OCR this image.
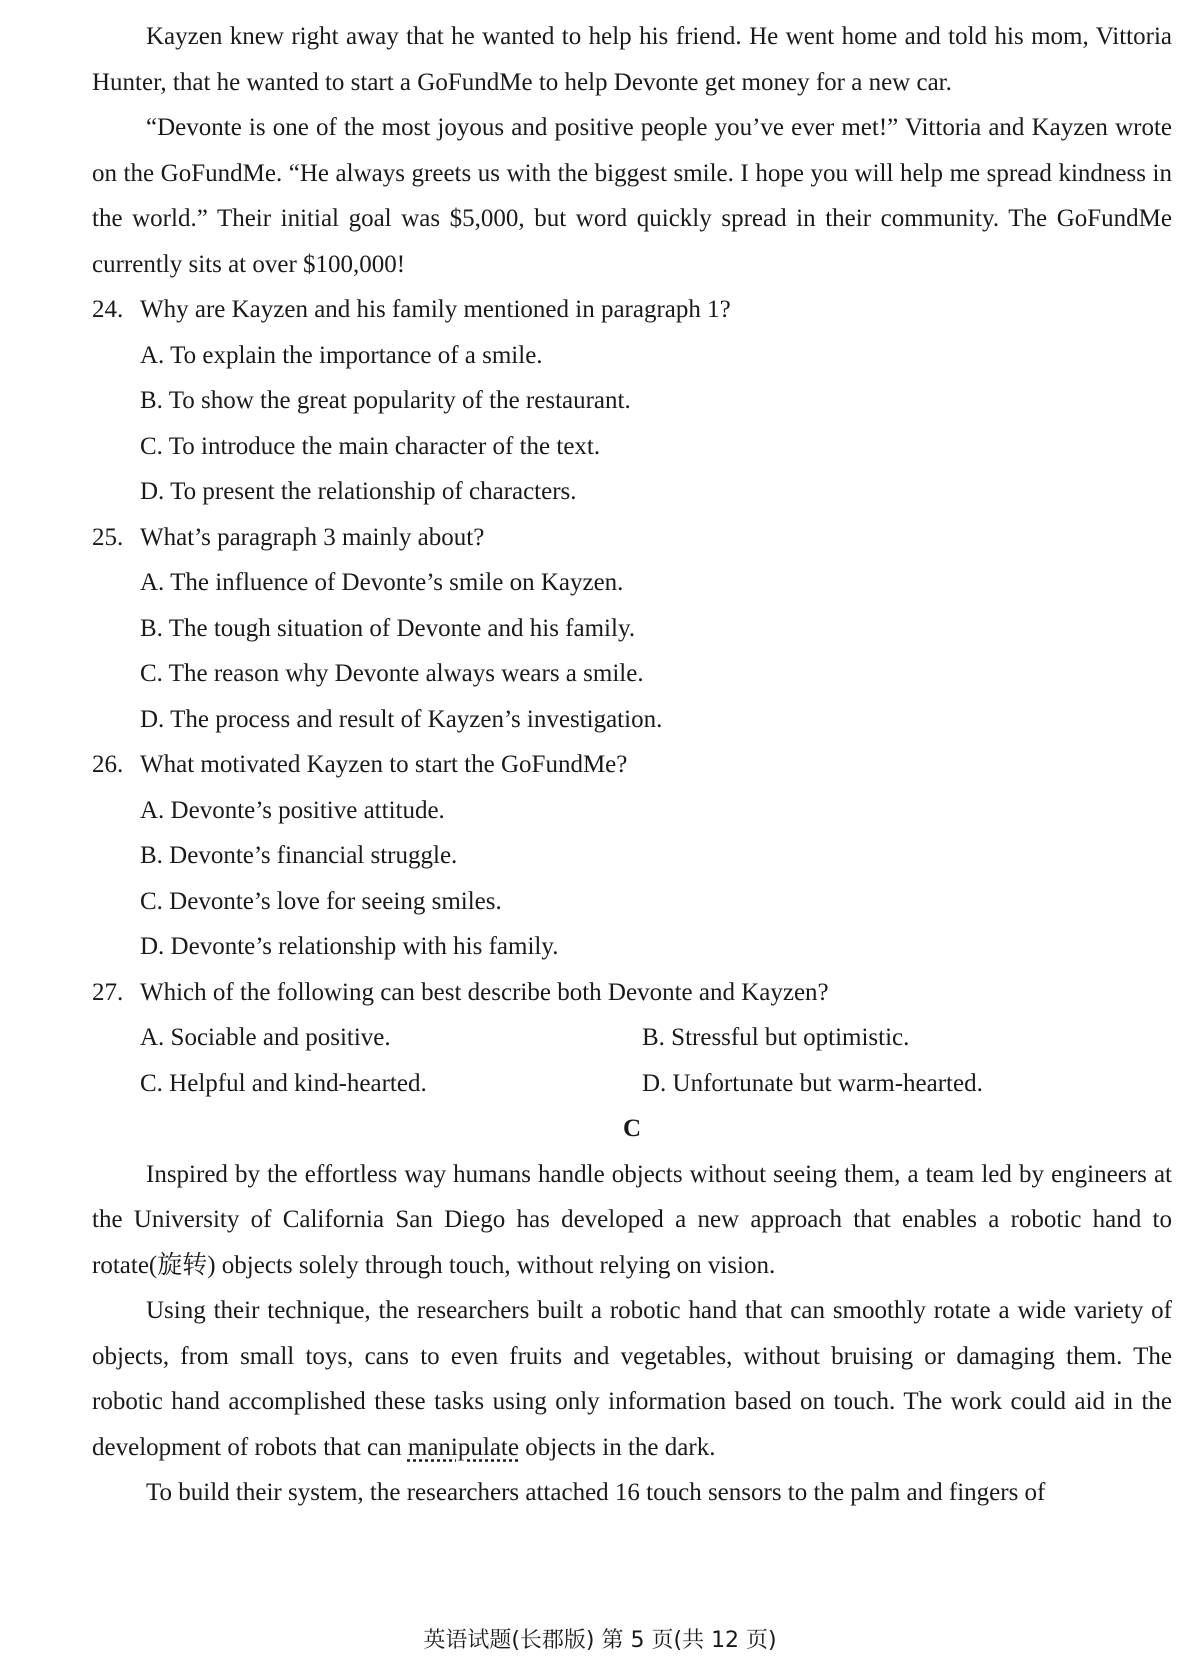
Kayzen knew right away that he wanted to help his friend. He went home and told his mom, Vittoria Hunter, that he wanted to start a GoFundMe to help Devonte get money for a new car.

“Devonte is one of the most joyous and positive people you’ve ever met!” Vittoria and Kayzen wrote on the GoFundMe. “He always greets us with the biggest smile. I hope you will help me spread kindness in the world.” Their initial goal was $5,000, but word quickly spread in their community. The GoFundMe currently sits at over $100,000!

24. Why are Kayzen and his family mentioned in paragraph 1?

A. To explain the importance of a smile.

B. To show the great popularity of the restaurant.

C. To introduce the main character of the text.

D. To present the relationship of characters.

25. What’s paragraph 3 mainly about?

A. The influence of Devonte’s smile on Kayzen.

B. The tough situation of Devonte and his family.

C. The reason why Devonte always wears a smile.

D. The process and result of Kayzen’s investigation.

26. What motivated Kayzen to start the GoFundMe?

A. Devonte’s positive attitude.

B. Devonte’s financial struggle.

C. Devonte’s love for seeing smiles.

D. Devonte’s relationship with his family.

27. Which of the following can best describe both Devonte and Kayzen?

A. Sociable and positive.	B. Stressful but optimistic.
C. Helpful and kind-hearted.	D. Unfortunate but warm-hearted.

C

Inspired by the effortless way humans handle objects without seeing them, a team led by engineers at the University of California San Diego has developed a new approach that enables a robotic hand to rotate(旋转) objects solely through touch, without relying on vision.

Using their technique, the researchers built a robotic hand that can smoothly rotate a wide variety of objects, from small toys, cans to even fruits and vegetables, without bruising or damaging them. The robotic hand accomplished these tasks using only information based on touch. The work could aid in the development of robots that can manipulate objects in the dark.

To build their system, the researchers attached 16 touch sensors to the palm and fingers of

英语试题(长郡版) 第 5 页(共 12 页)
